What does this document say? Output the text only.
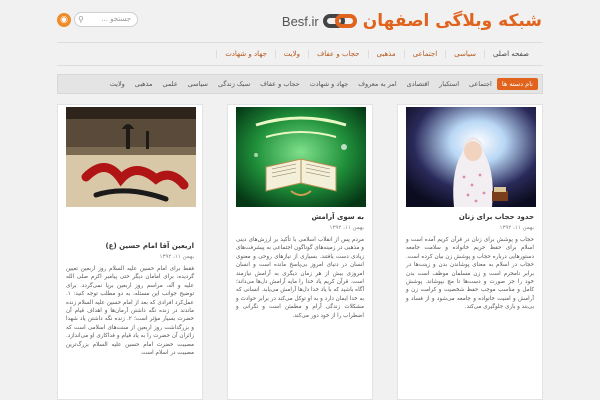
◉	جستجو ...
⚲	Besf.ir	شبکه وبلاگی اصفهان
صفحه اصلی
سیاسی
اجتماعی
مذهبی
حجاب و عفاف
ولایت
جهاد و شهادت
نام دسته ها
اجتماعی
استکبار
اقتصادی
امر به معروف
جهاد و شهادت
حجاب و عفاف
سبک زندگی
سیاسی
علمی
مذهبی
ولایت
اربعین آقا امام حسین (ع)
بهمن ۱۱، ۱۳۹۲
فقط برای امام حسین علیه السلام روز اربعین تعیین گردیده، برای امامان دیگر حتی پیامبر اکرم صلی الله علیه و آله، مراسم روز اربعین برپا نمی‌گردد. برای توضیح جوانب این مسئله، به دو مطلب توجه کنید: ۱. عمل‌کرد افرادی که بعد از امام حسین علیه السلام زنده ماندند در زنده نگه داشتن آرمان‌ها و اهداف قیام آن حضرت بسیار مؤثر است؛ ۲. زنده نگه داشتن یاد شهدا و بزرگداشت روز اربعین از سنت‌های اسلامی است که زائران آن حضرت را به یاد قیام و فداکاری او می‌اندازد. مصیبت حضرت امام حسین علیه السلام بزرگ‌ترین مصیبت در اسلام است.
به سوی آرامش
بهمن ۱۱، ۱۳۹۲
مردم پس از انقلاب اسلامی با تأکید بر ارزش‌های دینی و مذهبی در زمینه‌های گوناگون اجتماعی به پیشرفت‌های زیادی دست یافتند. بسیاری از نیازهای روحی و معنوی انسان در دنیای امروز بی‌پاسخ مانده است و انسان امروزی بیش از هر زمان دیگری به آرامش نیازمند است. قرآن کریم یاد خدا را مایه آرامش دل‌ها می‌داند؛ آگاه باشید که با یاد خدا دل‌ها آرامش می‌یابد. انسانی که به خدا ایمان دارد و به او توکل می‌کند در برابر حوادث و مشکلات زندگی آرام و مطمئن است و نگرانی و اضطراب را از خود دور می‌کند.
حدود حجاب برای زنان
بهمن ۱۱، ۱۳۹۲
حجاب و پوشش برای زنان در قرآن کریم آمده است و اسلام برای حفظ حریم خانواده و سلامت جامعه دستورهایی درباره حجاب و پوشش زن بیان کرده است. حجاب در اسلام به معنای پوشاندن بدن و زینت‌ها در برابر نامحرم است و زن مسلمان موظف است بدن خود را جز صورت و دست‌ها تا مچ بپوشاند. پوشش کامل و مناسب موجب حفظ شخصیت و کرامت زن و آرامش و امنیت خانواده و جامعه می‌شود و از فساد و بی‌بند و باری جلوگیری می‌کند.
